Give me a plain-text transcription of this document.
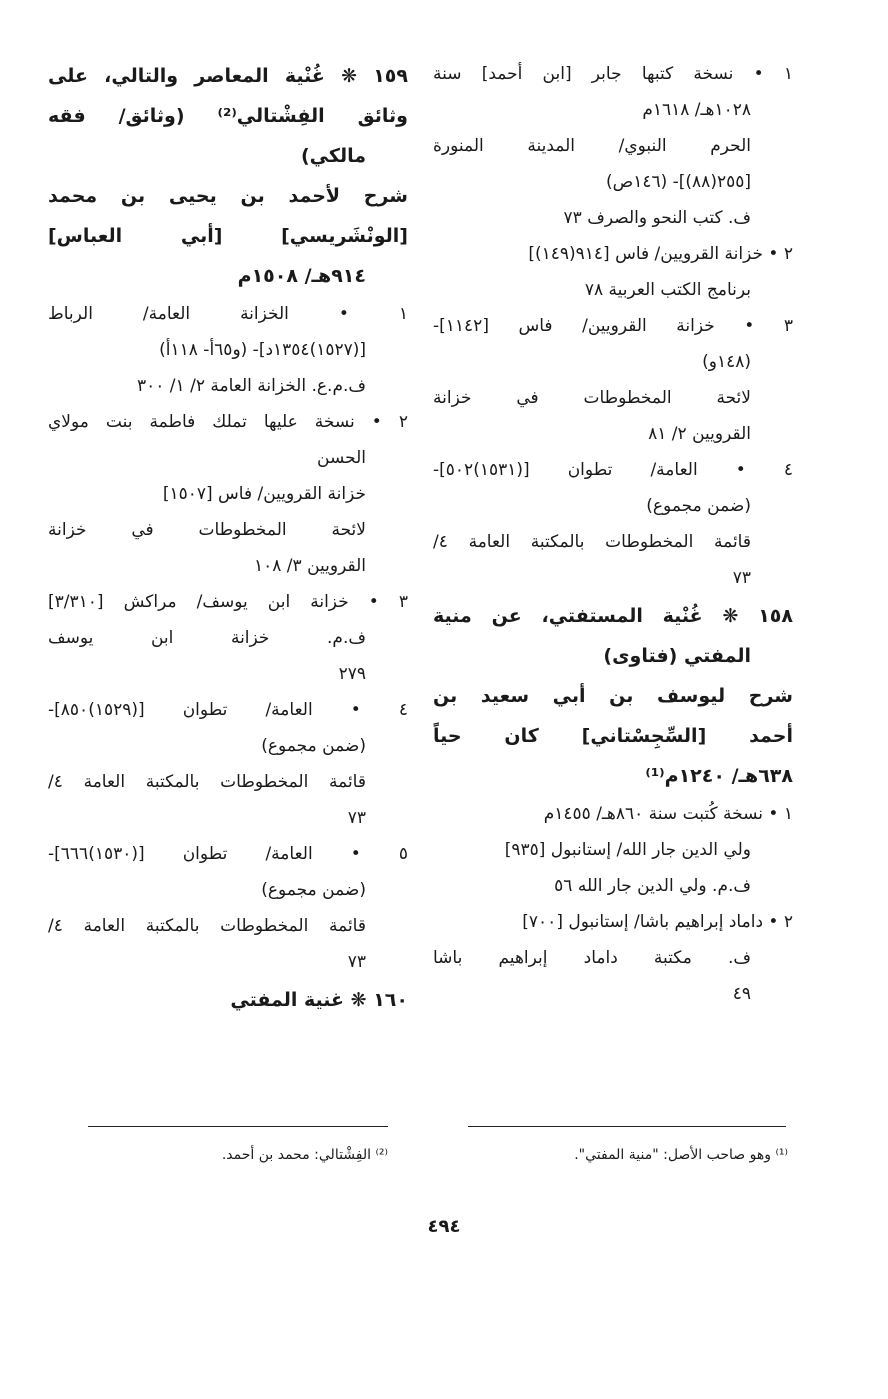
١ • نسخة كتبها جابر [ابن أحمد] سنة
١٠٢٨هـ/ ١٦١٨م
الحرم النبوي/ المدينة المنورة
[٢٥٥(٨٨)]- (١٤٦ص)
ف. كتب النحو والصرف ٧٣
٢ • خزانة القرويين/ فاس [٩١٤(١٤٩)]
برنامج الكتب العربية ٧٨
٣ • خزانة القرويين/ فاس [١١٤٢]-
(١٤٨و)
لائحة المخطوطات في خزانة
القرويين ٢/ ٨١
٤ • العامة/ تطوان [(١٥٣١)٥٠٢]-
(ضمن مجموع)
قائمة المخطوطات بالمكتبة العامة ٤/
٧٣
١٥٨ ❋ غُنْية المستفتي، عن منية
المفتي (فتاوى)
شرح ليوسف بن أبي سعيد بن
أحمد [السِّجِسْتاني] كان حياً
٦٣٨هـ/ ١٢٤٠م⁽¹⁾
١ • نسخة كُتبت سنة ٨٦٠هـ/ ١٤٥٥م
ولي الدين جار الله/ إستانبول [٩٣٥]
ف.م. ولي الدين جار الله ٥٦
٢ • داماد إبراهيم باشا/ إستانبول [٧٠٠]
ف. مكتبة داماد إبراهيم باشا
٤٩
١٥٩ ❋ غُنْية المعاصر والتالي، على
وثائق الفِشْتالي⁽²⁾ (وثائق/ فقه
مالكي)
شرح لأحمد بن يحيى بن محمد
[الونْشَريسي] [أبي العباس]
٩١٤هـ/ ١٥٠٨م
١ • الخزانة العامة/ الرباط
[(١٥٢٧)١٣٥٤د]- (و٦٥أ- ١١٨أ)
ف.م.ع. الخزانة العامة ٢/ ١/ ٣٠٠
٢ • نسخة عليها تملك فاطمة بنت مولاي
الحسن
خزانة القرويين/ فاس [١٥٠٧]
لائحة المخطوطات في خزانة
القرويين ٣/ ١٠٨
٣ • خزانة ابن يوسف/ مراكش [٣/٣١٠]
ف.م. خزانة ابن يوسف
٢٧٩
٤ • العامة/ تطوان [(١٥٢٩)٨٥٠]-
(ضمن مجموع)
قائمة المخطوطات بالمكتبة العامة ٤/
٧٣
٥ • العامة/ تطوان [(١٥٣٠)٦٦٦]-
(ضمن مجموع)
قائمة المخطوطات بالمكتبة العامة ٤/
٧٣
١٦٠ ❋ غنية المفتي
⁽¹⁾ وهو صاحب الأصل: "منية المفتي".
⁽²⁾ الفِشْتالي: محمد بن أحمد.
٤٩٤
